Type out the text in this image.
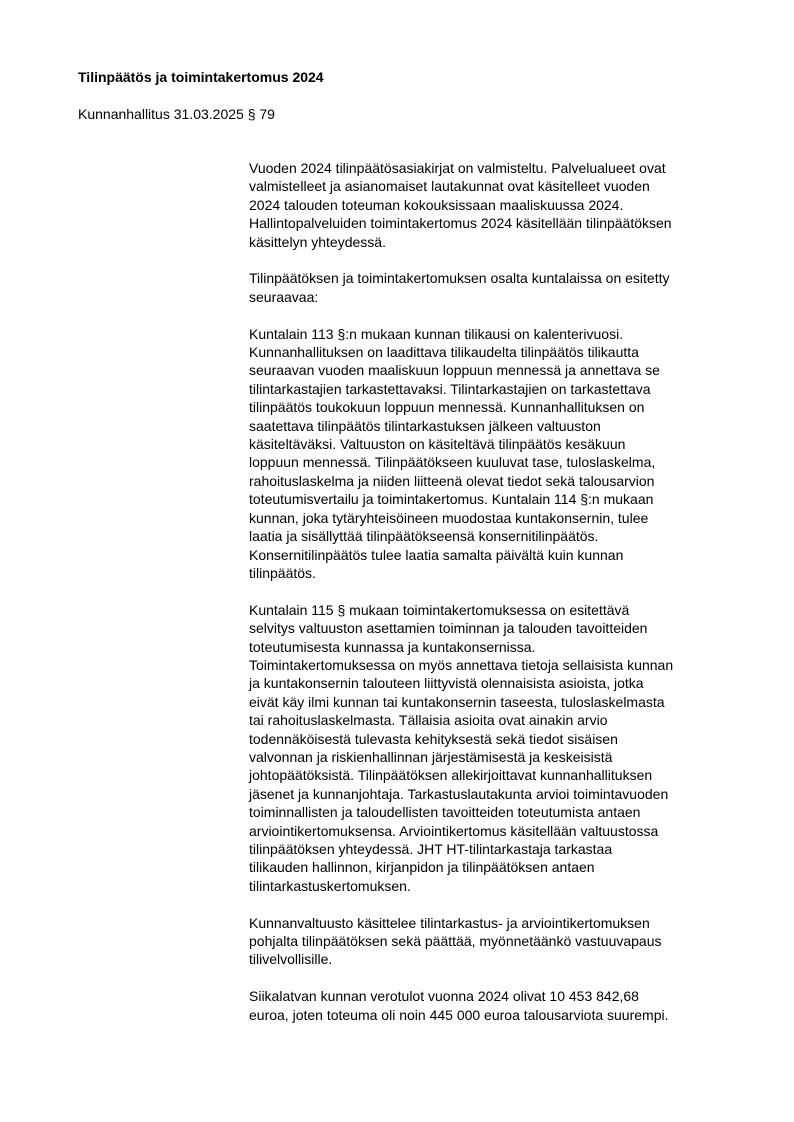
Tilinpäätös ja toimintakertomus 2024
Kunnanhallitus 31.03.2025 § 79

Vuoden 2024 tilinpäätösasiakirjat on valmisteltu. Palvelualueet ovat
valmistelleet ja asianomaiset lautakunnat ovat käsitelleet vuoden
2024 talouden toteuman kokouksissaan maaliskuussa 2024.
Hallintopalveluiden toimintakertomus 2024 käsitellään tilinpäätöksen
käsittelyn yhteydessä.

Tilinpäätöksen ja toimintakertomuksen osalta kuntalaissa on esitetty
seuraavaa:

Kuntalain 113 §:n mukaan kunnan tilikausi on kalenterivuosi.
Kunnanhallituksen on laadittava tilikaudelta tilinpäätös tilikautta
seuraavan vuoden maaliskuun loppuun mennessä ja annettava se
tilintarkastajien tarkastettavaksi. Tilintarkastajien on tarkastettava
tilinpäätös toukokuun loppuun mennessä. Kunnanhallituksen on
saatettava tilinpäätös tilintarkastuksen jälkeen valtuuston
käsiteltäväksi. Valtuuston on käsiteltävä tilinpäätös kesäkuun
loppuun mennessä. Tilinpäätökseen kuuluvat tase, tuloslaskelma,
rahoituslaskelma ja niiden liitteenä olevat tiedot sekä talousarvion
toteutumisvertailu ja toimintakertomus. Kuntalain 114 §:n mukaan
kunnan, joka tytäryhteisöineen muodostaa kuntakonsernin, tulee
laatia ja sisällyttää tilinpäätökseensä konsernitilinpäätös.
Konsernitilinpäätös tulee laatia samalta päivältä kuin kunnan
tilinpäätös.

Kuntalain 115 § mukaan toimintakertomuksessa on esitettävä
selvitys valtuuston asettamien toiminnan ja talouden tavoitteiden
toteutumisesta kunnassa ja kuntakonsernissa.
Toimintakertomuksessa on myös annettava tietoja sellaisista kunnan
ja kuntakonsernin talouteen liittyvistä olennaisista asioista, jotka
eivät käy ilmi kunnan tai kuntakonsernin taseesta, tuloslaskelmasta
tai rahoituslaskelmasta. Tällaisia asioita ovat ainakin arvio
todennäköisestä tulevasta kehityksestä sekä tiedot sisäisen
valvonnan ja riskienhallinnan järjestämisestä ja keskeisistä
johtopäätöksistä. Tilinpäätöksen allekirjoittavat kunnanhallituksen
jäsenet ja kunnanjohtaja. Tarkastuslautakunta arvioi toimintavuoden
toiminnallisten ja taloudellisten tavoitteiden toteutumista antaen
arviointikertomuksensa. Arviointikertomus käsitellään valtuustossa
tilinpäätöksen yhteydessä. JHT HT-tilintarkastaja tarkastaa
tilikauden hallinnon, kirjanpidon ja tilinpäätöksen antaen
tilintarkastuskertomuksen.

Kunnanvaltuusto käsittelee tilintarkastus- ja arviointikertomuksen
pohjalta tilinpäätöksen sekä päättää, myönnetäänkö vastuuvapaus
tilivelvollisille.

Siikalatvan kunnan verotulot vuonna 2024 olivat 10 453 842,68
euroa, joten toteuma oli noin 445 000 euroa talousarviota suurempi.
